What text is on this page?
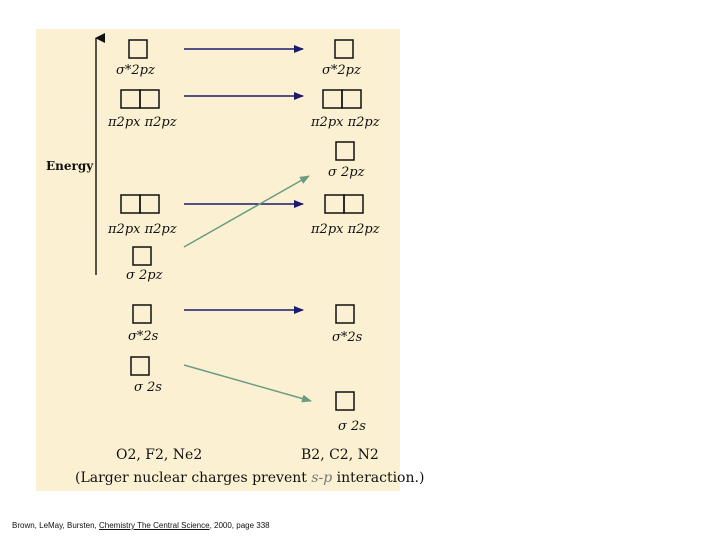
σ*2pz
π2px π2pz
π2px π2pz
σ 2pz
σ*2s
σ 2s
σ*2pz
π2px π2pz
σ 2pz
π2px π2pz
σ*2s
σ 2s
Energy
O2, F2, Ne2	B2, C2, N2
(Larger nuclear charges prevent s-p interaction.)
Brown, LeMay, Bursten, Chemistry The Central Science, 2000, page 338
